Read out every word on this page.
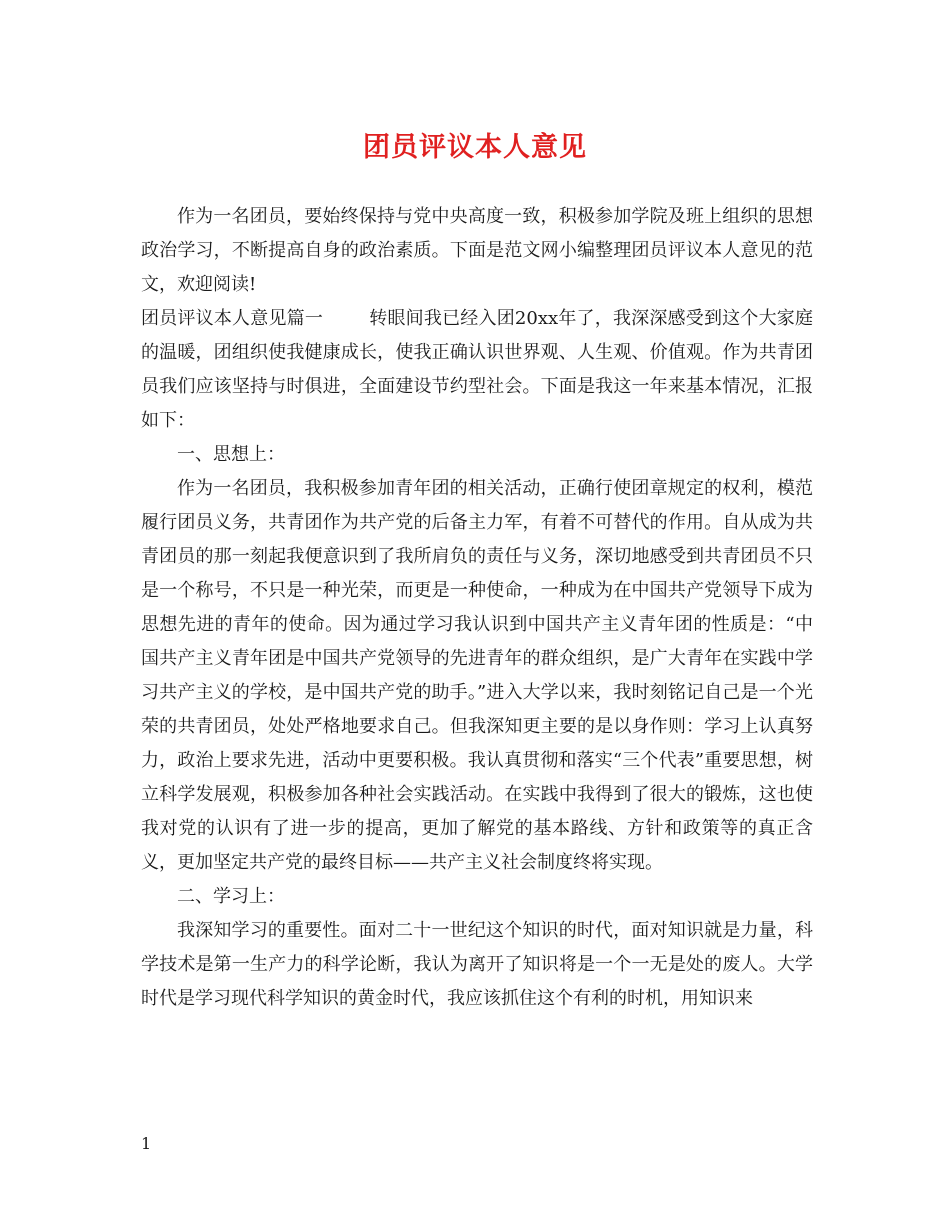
团员评议本人意见

作为一名团员，要始终保持与党中央高度一致，积极参加学院及班上组织的思想政治学习，不断提高自身的政治素质。下面是范文网小编整理团员评议本人意见的范文，欢迎阅读!

团员评议本人意见篇一	转眼间我已经入团20xx年了，我深深感受到这个大家庭的温暖，团组织使我健康成长，使我正确认识世界观、人生观、价值观。作为共青团员我们应该坚持与时俱进，全面建设节约型社会。下面是我这一年来基本情况，汇报如下：

一、思想上：

作为一名团员，我积极参加青年团的相关活动，正确行使团章规定的权利，模范履行团员义务，共青团作为共产党的后备主力军，有着不可替代的作用。自从成为共青团员的那一刻起我便意识到了我所肩负的责任与义务，深切地感受到共青团员不只是一个称号，不只是一种光荣，而更是一种使命，一种成为在中国共产党领导下成为思想先进的青年的使命。因为通过学习我认识到中国共产主义青年团的性质是：“中国共产主义青年团是中国共产党领导的先进青年的群众组织，是广大青年在实践中学习共产主义的学校，是中国共产党的助手。”进入大学以来，我时刻铭记自己是一个光荣的共青团员，处处严格地要求自己。但我深知更主要的是以身作则：学习上认真努力，政治上要求先进，活动中更要积极。我认真贯彻和落实“三个代表”重要思想，树立科学发展观，积极参加各种社会实践活动。在实践中我得到了很大的锻炼，这也使我对党的认识有了进一步的提高，更加了解党的基本路线、方针和政策等的真正含义，更加坚定共产党的最终目标——共产主义社会制度终将实现。

二、学习上：

我深知学习的重要性。面对二十一世纪这个知识的时代，面对知识就是力量，科学技术是第一生产力的科学论断，我认为离开了知识将是一个一无是处的废人。大学时代是学习现代科学知识的黄金时代，我应该抓住这个有利的时机，用知识来

1
